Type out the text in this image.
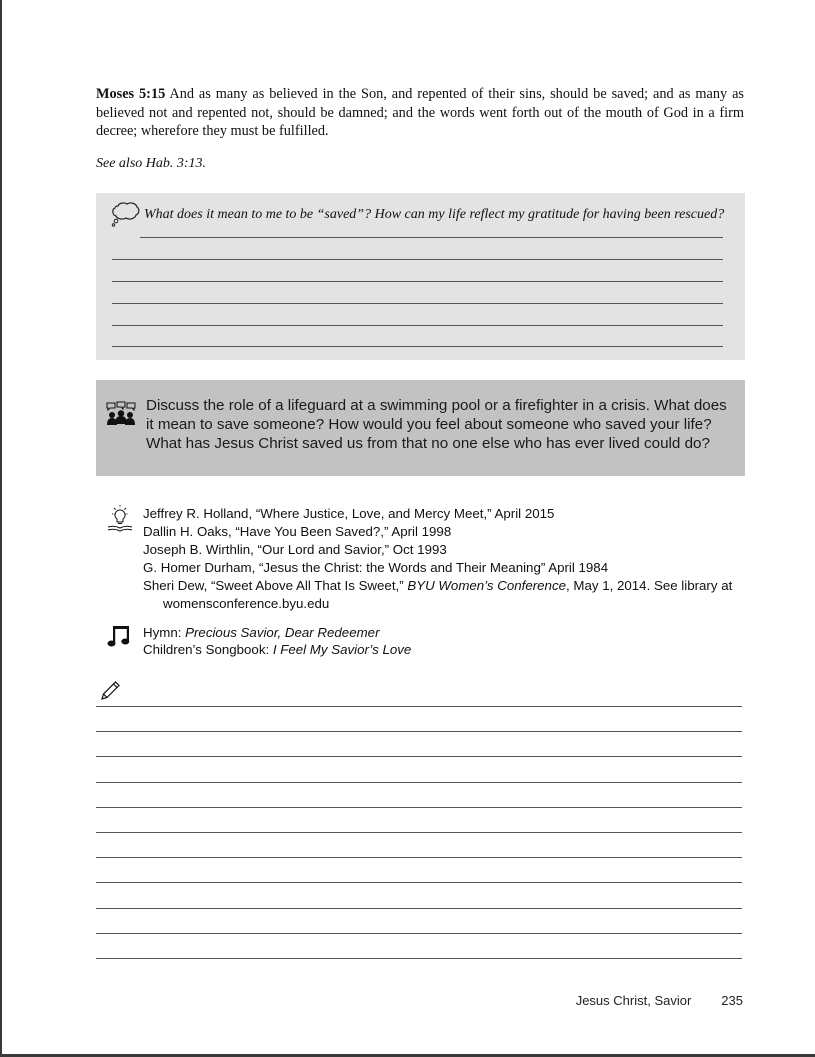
Moses 5:15 And as many as believed in the Son, and repented of their sins, should be saved; and as many as believed not and repented not, should be damned; and the words went forth out of the mouth of God in a firm decree; wherefore they must be fulfilled.

See also Hab. 3:13.
What does it mean to me to be “saved”? How can my life reflect my gratitude for having been rescued?
Discuss the role of a lifeguard at a swimming pool or a firefighter in a crisis. What does it mean to save someone? How would you feel about someone who saved your life? What has Jesus Christ saved us from that no one else who has ever lived could do?
Jeffrey R. Holland, “Where Justice, Love, and Mercy Meet,” April 2015
Dallin H. Oaks, “Have You Been Saved?,” April 1998
Joseph B. Wirthlin, “Our Lord and Savior,” Oct 1993
G. Homer Durham, “Jesus the Christ: the Words and Their Meaning” April 1984
Sheri Dew, “Sweet Above All That Is Sweet,” BYU Women’s Conference, May 1, 2014. See library at
womensconference.byu.edu
Hymn: Precious Savior, Dear Redeemer
Children’s Songbook: I Feel My Savior’s Love
Jesus Christ, Savior 235
